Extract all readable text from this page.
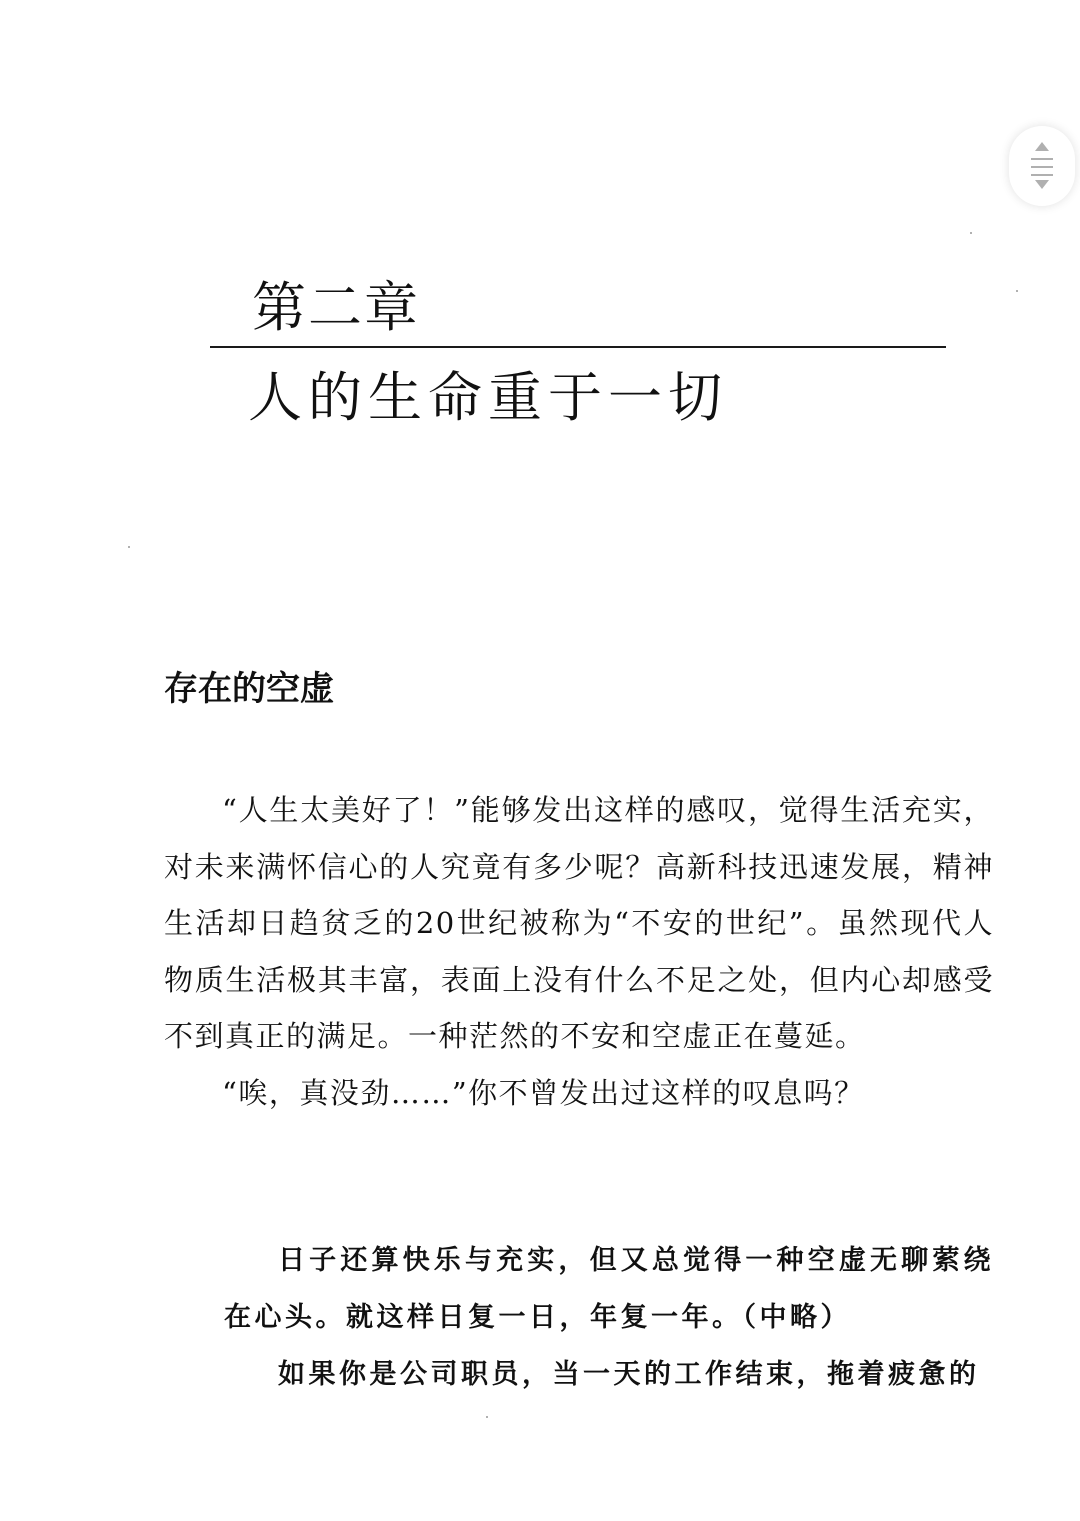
第二章
人的生命重于一切
存在的空虚

“人生太美好了！”能够发出这样的感叹，觉得生活充实，对未来满怀信心的人究竟有多少呢？高新科技迅速发展，精神生活却日趋贫乏的20世纪被称为“不安的世纪”。虽然现代人物质生活极其丰富，表面上没有什么不足之处，但内心却感受不到真正的满足。一种茫然的不安和空虚正在蔓延。

“唉，真没劲……”你不曾发出过这样的叹息吗？

日子还算快乐与充实，但又总觉得一种空虚无聊萦绕在心头。就这样日复一日，年复一年。（中略）

如果你是公司职员，当一天的工作结束，拖着疲惫的
